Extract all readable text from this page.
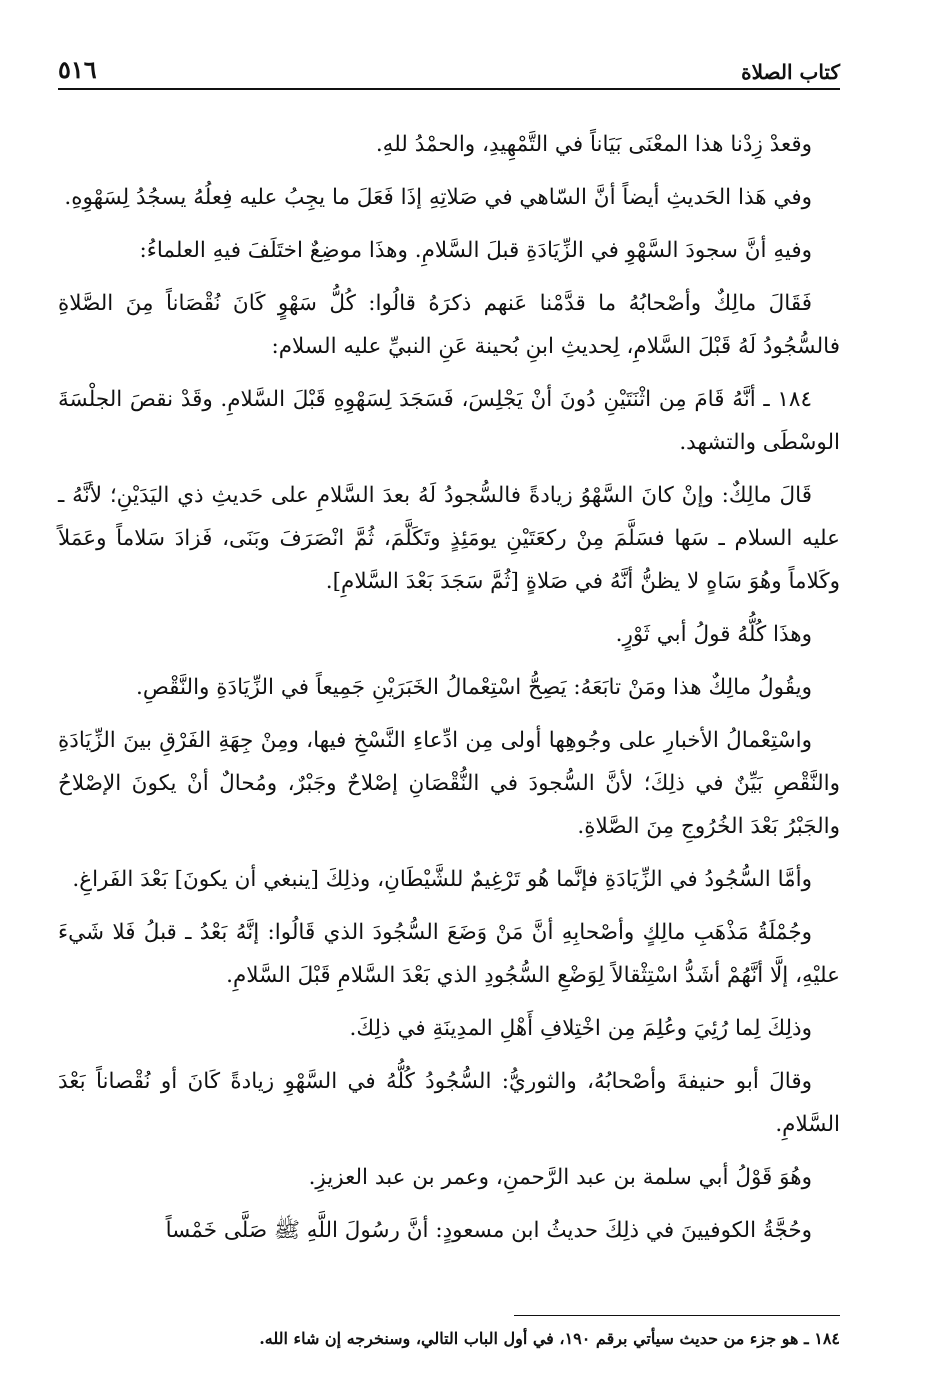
كتاب الصلاة
٥١٦

وقعدْ زِدْنا هذا المعْنَى بَيَاناً في التَّمْهِيدِ، والحمْدُ للهِ.

وفي هَذا الحَديثِ أيضاً أنَّ السّاهي في صَلاتِهِ إذَا فَعَلَ ما يجِبُ عليه فِعلُهُ يسجُدُ لِسَهْوِهِ.

وفيهِ أنَّ سجودَ السَّهْوِ في الزِّيَادَةِ قبلَ السَّلامِ. وهذَا موضِعٌ اختَلَفَ فيهِ العلماءُ:

فَقَالَ مالِكٌ وأصْحابُهُ ما قدَّمْنا عَنهم ذكرَهُ قالُوا: كُلُّ سَهْوٍ كَانَ نُقْصَاناً مِنَ الصَّلاةِ فالسُّجُودُ لَهُ قَبْلَ السَّلامِ، لِحديثِ ابنِ بُحينة عَنِ النبيِّ عليه السلام:

١٨٤ ـ أنَّهُ قَامَ مِن اثْنَتَيْنِ دُونَ أنْ يَجْلِسَ، فَسَجَدَ لِسَهْوِهِ قَبْلَ السَّلامِ. وقَدْ نقصَ الجلْسَةَ الوسْطَى والتشهد.

قَالَ مالِكٌ: وإنْ كانَ السَّهْوُ زيادةً فالسُّجودُ لَهُ بعدَ السَّلامِ على حَديثِ ذي اليَدَيْنِ؛ لأنَّهُ ـ عليه السلام ـ سَها فسَلَّمَ مِنْ ركعَتَيْنِ يومَئِذٍ وتَكَلَّمَ، ثُمَّ انْصَرَفَ وبَنَى، فَزادَ سَلاماً وعَمَلاً وكَلاماً وهُوَ سَاهٍ لا يظنُّ أنَّهُ في صَلاةٍ [ثُمَّ سَجَدَ بَعْدَ السَّلامِ].

وهذَا كُلُّهُ قولُ أبي ثَوْرٍ.

ويقُولُ مالِكٌ هذا ومَنْ تابَعَهُ: يَصِحُّ اسْتِعْمالُ الخَبَرَيْنِ جَمِيعاً في الزِّيَادَةِ والنَّقْصِ.

واسْتِعْمالُ الأخبارِ على وجُوهِها أولى مِن ادِّعاءِ النَّسْخِ فيها، ومِنْ جِهَةِ الفَرْقِ بينَ الزِّيَادَةِ والنَّقْصِ بَيِّنٌ في ذلِكَ؛ لأنَّ السُّجودَ في النُّقْصَانِ إصْلاحٌ وجَبْرٌ، ومُحالٌ أنْ يكونَ الإصْلاحُ والجَبْرُ بَعْدَ الخُرُوجِ مِنَ الصَّلاةِ.

وأمَّا السُّجُودُ في الزِّيَادَةِ فإنَّما هُو تَرْغِيمٌ للشَّيْطَانِ، وذلِكَ [ينبغي أن يكونَ] بَعْدَ الفَراغِ.

وجُمْلَةُ مَذْهَبِ مالِكٍ وأصْحابِهِ أنَّ مَنْ وَضَعَ السُّجُودَ الذي قَالُوا: إنَّهُ بَعْدُ ـ قبلُ فَلا شَيءَ عليْهِ، إلَّا أنَّهُمْ أشَدُّ اسْتِثْقالاً لِوَضْعِ السُّجُودِ الذي بَعْدَ السَّلامِ قَبْلَ السَّلامِ.

وذلِكَ لِما رُئِيَ وعُلِمَ مِن اخْتِلافِ أَهْلِ المدِينَةِ في ذلِكَ.

وقالَ أبو حنيفةَ وأصْحابُهُ، والثوريُّ: السُّجُودُ كُلُّهُ في السَّهْوِ زيادةً كَانَ أو نُقْصاناً بَعْدَ السَّلامِ.

وهُوَ قَوْلُ أبي سلمة بن عبد الرَّحمنِ، وعمر بن عبد العزيزِ.

وحُجَّةُ الكوفيينَ في ذلِكَ حديثُ ابن مسعودٍ: أنَّ رسُولَ اللَّهِ ﷺ صَلَّى خَمْساً

١٨٤ ـ هو جزء من حديث سيأتي برقم ١٩٠، في أول الباب التالي، وسنخرجه إن شاء الله.
